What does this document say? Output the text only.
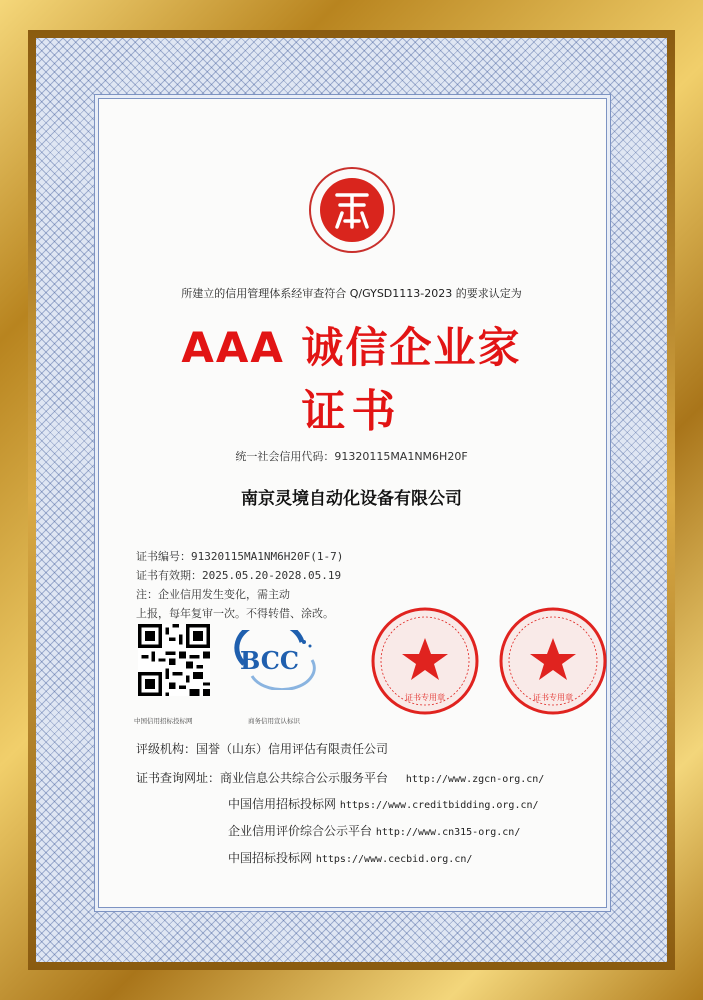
所建立的信用管理体系经审查符合 Q/GYSD1113-2023 的要求认定为
AAA 诚信企业家
证书
统一社会信用代码：91320115MA1NM6H20F
南京灵境自动化设备有限公司
证书编号：91320115MA1NM6H20F(1-7)
证书有效期：2025.05.20-2028.05.19
注：企业信用发生变化，需主动
上报，每年复审一次。不得转借、涂改。
中国信用招标投标网
BCC
商务信用宣认标识
证书专用章	证书专用章
评级机构：国誉（山东）信用评估有限责任公司
证书查询网址：商业信息公共综合公示服务平台 http://www.zgcn-org.cn/
中国信用招标投标网 https://www.creditbidding.org.cn/
企业信用评价综合公示平台 http://www.cn315-org.cn/
中国招标投标网 https://www.cecbid.org.cn/
